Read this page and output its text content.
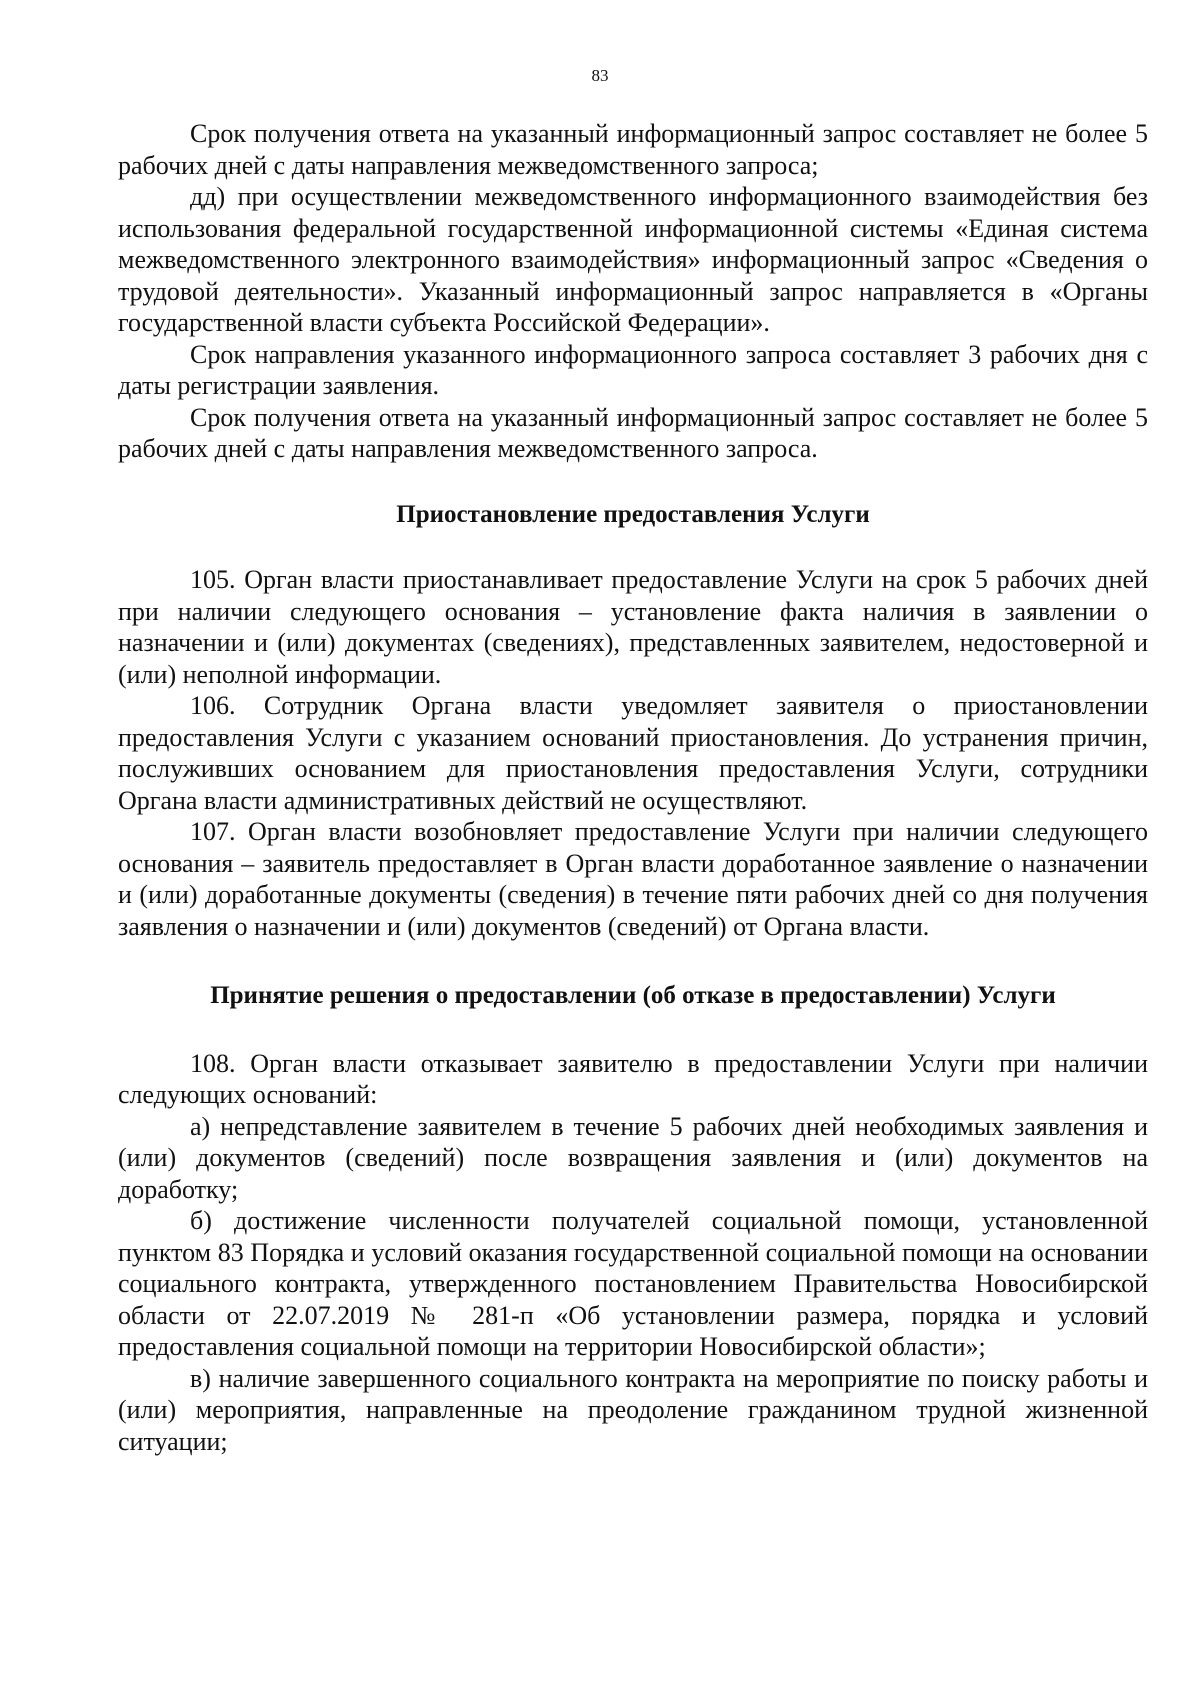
83

Срок получения ответа на указанный информационный запрос составляет не более 5 рабочих дней с даты направления межведомственного запроса;

дд) при осуществлении межведомственного информационного взаимодействия без использования федеральной государственной информационной системы «Единая система межведомственного электронного взаимодействия» информационный запрос «Сведения о трудовой деятельности». Указанный информационный запрос направляется в «Органы государственной власти субъекта Российской Федерации».

Срок направления указанного информационного запроса составляет 3 рабочих дня с даты регистрации заявления.

Срок получения ответа на указанный информационный запрос составляет не более 5 рабочих дней с даты направления межведомственного запроса.

Приостановление предоставления Услуги

105. Орган власти приостанавливает предоставление Услуги на срок 5 рабочих дней при наличии следующего основания – установление факта наличия в заявлении о назначении и (или) документах (сведениях), представленных заявителем, недостоверной и (или) неполной информации.

106. Сотрудник Органа власти уведомляет заявителя о приостановлении предоставления Услуги с указанием оснований приостановления. До устранения причин, послуживших основанием для приостановления предоставления Услуги, сотрудники Органа власти административных действий не осуществляют.

107. Орган власти возобновляет предоставление Услуги при наличии следующего основания – заявитель предоставляет в Орган власти доработанное заявление о назначении и (или) доработанные документы (сведения) в течение пяти рабочих дней со дня получения заявления о назначении и (или) документов (сведений) от Органа власти.

Принятие решения о предоставлении (об отказе в предоставлении) Услуги

108. Орган власти отказывает заявителю в предоставлении Услуги при наличии следующих оснований:

а) непредставление заявителем в течение 5 рабочих дней необходимых заявления и (или) документов (сведений) после возвращения заявления и (или) документов на доработку;

б) достижение численности получателей социальной помощи, установленной пунктом 83 Порядка и условий оказания государственной социальной помощи на основании социального контракта, утвержденного постановлением Правительства Новосибирской области от 22.07.2019 № 281-п «Об установлении размера, порядка и условий предоставления социальной помощи на территории Новосибирской области»;

в) наличие завершенного социального контракта на мероприятие по поиску работы и (или) мероприятия, направленные на преодоление гражданином трудной жизненной ситуации;
